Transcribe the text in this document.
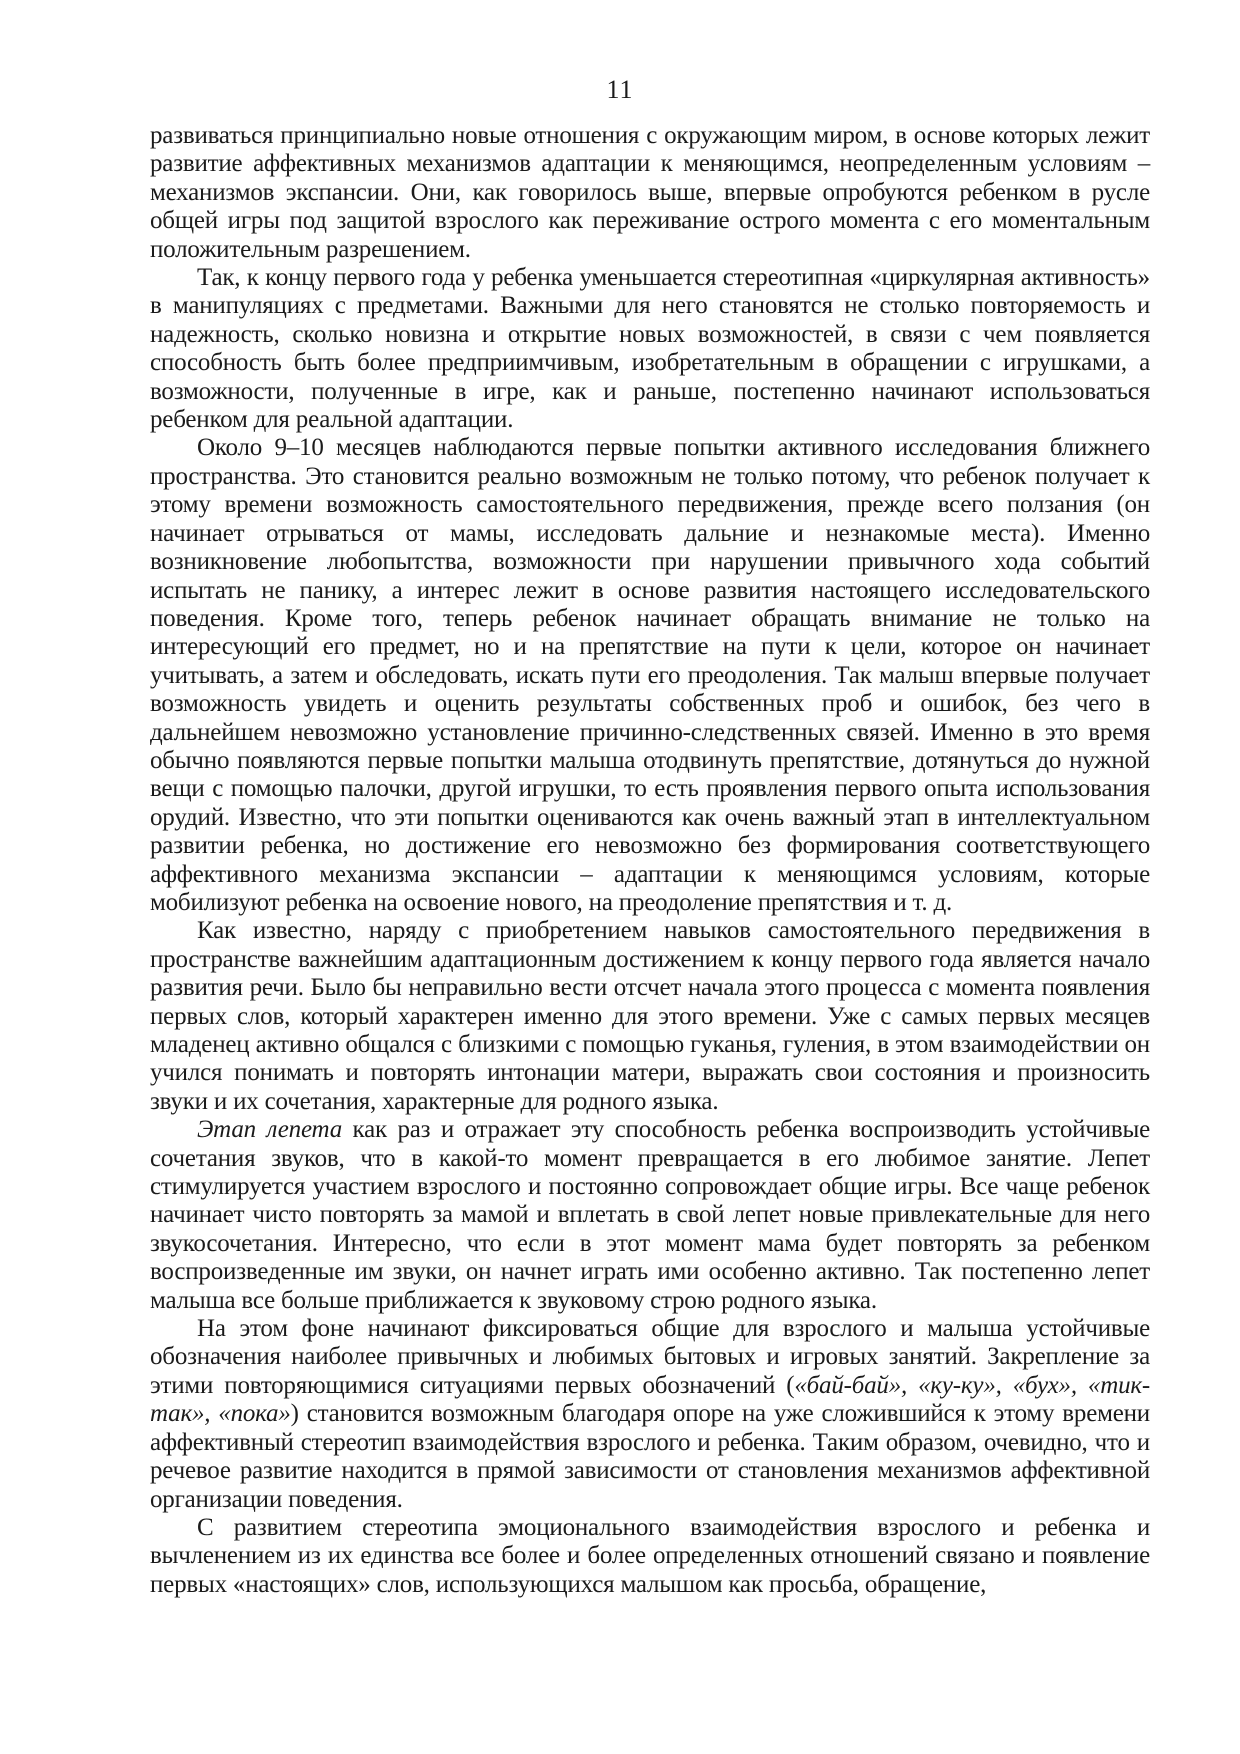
11

развиваться принципиально новые отношения с окружающим миром, в основе которых лежит развитие аффективных механизмов адаптации к меняющимся, неопределенным условиям – механизмов экспансии. Они, как говорилось выше, впервые опробуются ребенком в русле общей игры под защитой взрослого как переживание острого момента с его моментальным положительным разрешением.

Так, к концу первого года у ребенка уменьшается стереотипная «циркулярная активность» в манипуляциях с предметами. Важными для него становятся не столько повторяемость и надежность, сколько новизна и открытие новых возможностей, в связи с чем появляется способность быть более предприимчивым, изобретательным в обращении с игрушками, а возможности, полученные в игре, как и раньше, постепенно начинают использоваться ребенком для реальной адаптации.

Около 9–10 месяцев наблюдаются первые попытки активного исследования ближнего пространства. Это становится реально возможным не только потому, что ребенок получает к этому времени возможность самостоятельного передвижения, прежде всего ползания (он начинает отрываться от мамы, исследовать дальние и незнакомые места). Именно возникновение любопытства, возможности при нарушении привычного хода событий испытать не панику, а интерес лежит в основе развития настоящего исследовательского поведения. Кроме того, теперь ребенок начинает обращать внимание не только на интересующий его предмет, но и на препятствие на пути к цели, которое он начинает учитывать, а затем и обследовать, искать пути его преодоления. Так малыш впервые получает возможность увидеть и оценить результаты собственных проб и ошибок, без чего в дальнейшем невозможно установление причинно-следственных связей. Именно в это время обычно появляются первые попытки малыша отодвинуть препятствие, дотянуться до нужной вещи с помощью палочки, другой игрушки, то есть проявления первого опыта использования орудий. Известно, что эти попытки оцениваются как очень важный этап в интеллектуальном развитии ребенка, но достижение его невозможно без формирования соответствующего аффективного механизма экспансии – адаптации к меняющимся условиям, которые мобилизуют ребенка на освоение нового, на преодоление препятствия и т. д.

Как известно, наряду с приобретением навыков самостоятельного передвижения в пространстве важнейшим адаптационным достижением к концу первого года является начало развития речи. Было бы неправильно вести отсчет начала этого процесса с момента появления первых слов, который характерен именно для этого времени. Уже с самых первых месяцев младенец активно общался с близкими с помощью гуканья, гуления, в этом взаимодействии он учился понимать и повторять интонации матери, выражать свои состояния и произносить звуки и их сочетания, характерные для родного языка.

Этап лепета как раз и отражает эту способность ребенка воспроизводить устойчивые сочетания звуков, что в какой-то момент превращается в его любимое занятие. Лепет стимулируется участием взрослого и постоянно сопровождает общие игры. Все чаще ребенок начинает чисто повторять за мамой и вплетать в свой лепет новые привлекательные для него звукосочетания. Интересно, что если в этот момент мама будет повторять за ребенком воспроизведенные им звуки, он начнет играть ими особенно активно. Так постепенно лепет малыша все больше приближается к звуковому строю родного языка.

На этом фоне начинают фиксироваться общие для взрослого и малыша устойчивые обозначения наиболее привычных и любимых бытовых и игровых занятий. Закрепление за этими повторяющимися ситуациями первых обозначений («бай-бай», «ку-ку», «бух», «тик-так», «пока») становится возможным благодаря опоре на уже сложившийся к этому времени аффективный стереотип взаимодействия взрослого и ребенка. Таким образом, очевидно, что и речевое развитие находится в прямой зависимости от становления механизмов аффективной организации поведения.

С развитием стереотипа эмоционального взаимодействия взрослого и ребенка и вычленением из их единства все более и более определенных отношений связано и появление первых «настоящих» слов, использующихся малышом как просьба, обращение,
